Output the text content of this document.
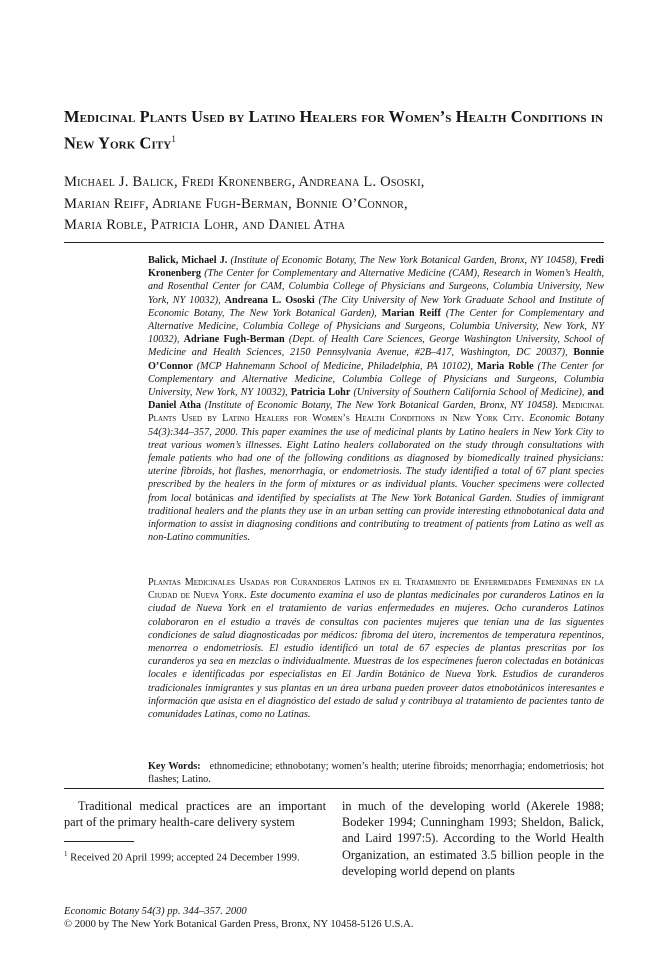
Medicinal Plants Used by Latino Healers for Women’s Health Conditions in New York City$^1$
Michael J. Balick, Fredi Kronenberg, Andreana L. Ososki,
Marian Reiff, Adriane Fugh-Berman, Bonnie O’Connor,
Maria Roble, Patricia Lohr, and Daniel Atha

Balick, Michael J. (Institute of Economic Botany, The New York Botanical Garden, Bronx, NY 10458), Fredi Kronenberg (The Center for Complementary and Alternative Medicine (CAM), Research in Women’s Health, and Rosenthal Center for CAM, Columbia College of Physicians and Surgeons, Columbia University, New York, NY 10032), Andreana L. Ososki (The City University of New York Graduate School and Institute of Economic Botany, The New York Botanical Garden), Marian Reiff (The Center for Complementary and Alternative Medicine, Columbia College of Physicians and Surgeons, Columbia University, New York, NY 10032), Adriane Fugh-Berman (Dept. of Health Care Sciences, George Washington University, School of Medicine and Health Sciences, 2150 Pennsylvania Avenue, #2B–417, Washington, DC 20037), Bonnie O’Connor (MCP Hahnemann School of Medicine, Philadelphia, PA 10102), Maria Roble (The Center for Complementary and Alternative Medicine, Columbia College of Physicians and Surgeons, Columbia University, New York, NY 10032), Patricia Lohr (University of Southern California School of Medicine), and Daniel Atha (Institute of Economic Botany, The New York Botanical Garden, Bronx, NY 10458). Medicinal Plants Used by Latino Healers for Women’s Health Conditions in New York City. Economic Botany 54(3):344–357, 2000. This paper examines the use of medicinal plants by Latino healers in New York City to treat various women’s illnesses. Eight Latino healers collaborated on the study through consultations with female patients who had one of the following conditions as diagnosed by biomedically trained physicians: uterine fibroids, hot flashes, menorrhagia, or endometriosis. The study identified a total of 67 plant species prescribed by the healers in the form of mixtures or as individual plants. Voucher specimens were collected from local botánicas and identified by specialists at The New York Botanical Garden. Studies of immigrant traditional healers and the plants they use in an urban setting can provide interesting ethnobotanical data and information to assist in diagnosing conditions and contributing to treatment of patients from Latino as well as non-Latino communities.

Plantas Medicinales Usadas por Curanderos Latinos en el Tratamiento de Enfermedades Femeninas en la Ciudad de Nueva York. Este documento examina el uso de plantas medicinales por curanderos Latinos en la ciudad de Nueva York en el tratamiento de varias enfermedades en mujeres. Ocho curanderos Latinos colaboraron en el estudio a través de consultas con pacientes mujeres que tenían una de las siguentes condiciones de salud diagnosticadas por médicos: fibroma del útero, incrementos de temperatura repentinos, menorrea o endometriosis. El estudio identificó un total de 67 especies de plantas prescritas por los curanderos ya sea en mezclas o individualmente. Muestras de los especímenes fueron colectadas en botánicas locales e identificadas por especialistas en El Jardín Botánico de Nueva York. Estudios de curanderos tradicionales inmigrantes y sus plantas en un área urbana pueden proveer datos etnobotánicos interesantes e información que asista en el diagnóstico del estado de salud y contribuya al tratamiento de pacientes tanto de comunidades Latinas, como no Latinas.

Key Words: ethnomedicine; ethnobotany; women’s health; uterine fibroids; menorrhagia; endometriosis; hot flashes; Latino.

Traditional medical practices are an important part of the primary health-care delivery system

$^1$ Received 20 April 1999; accepted 24 December 1999.

in much of the developing world (Akerele 1988; Bodeker 1994; Cunningham 1993; Sheldon, Balick, and Laird 1997:5). According to the World Health Organization, an estimated 3.5 billion people in the developing world depend on plants

Economic Botany 54(3) pp. 344–357. 2000
© 2000 by The New York Botanical Garden Press, Bronx, NY 10458-5126 U.S.A.
